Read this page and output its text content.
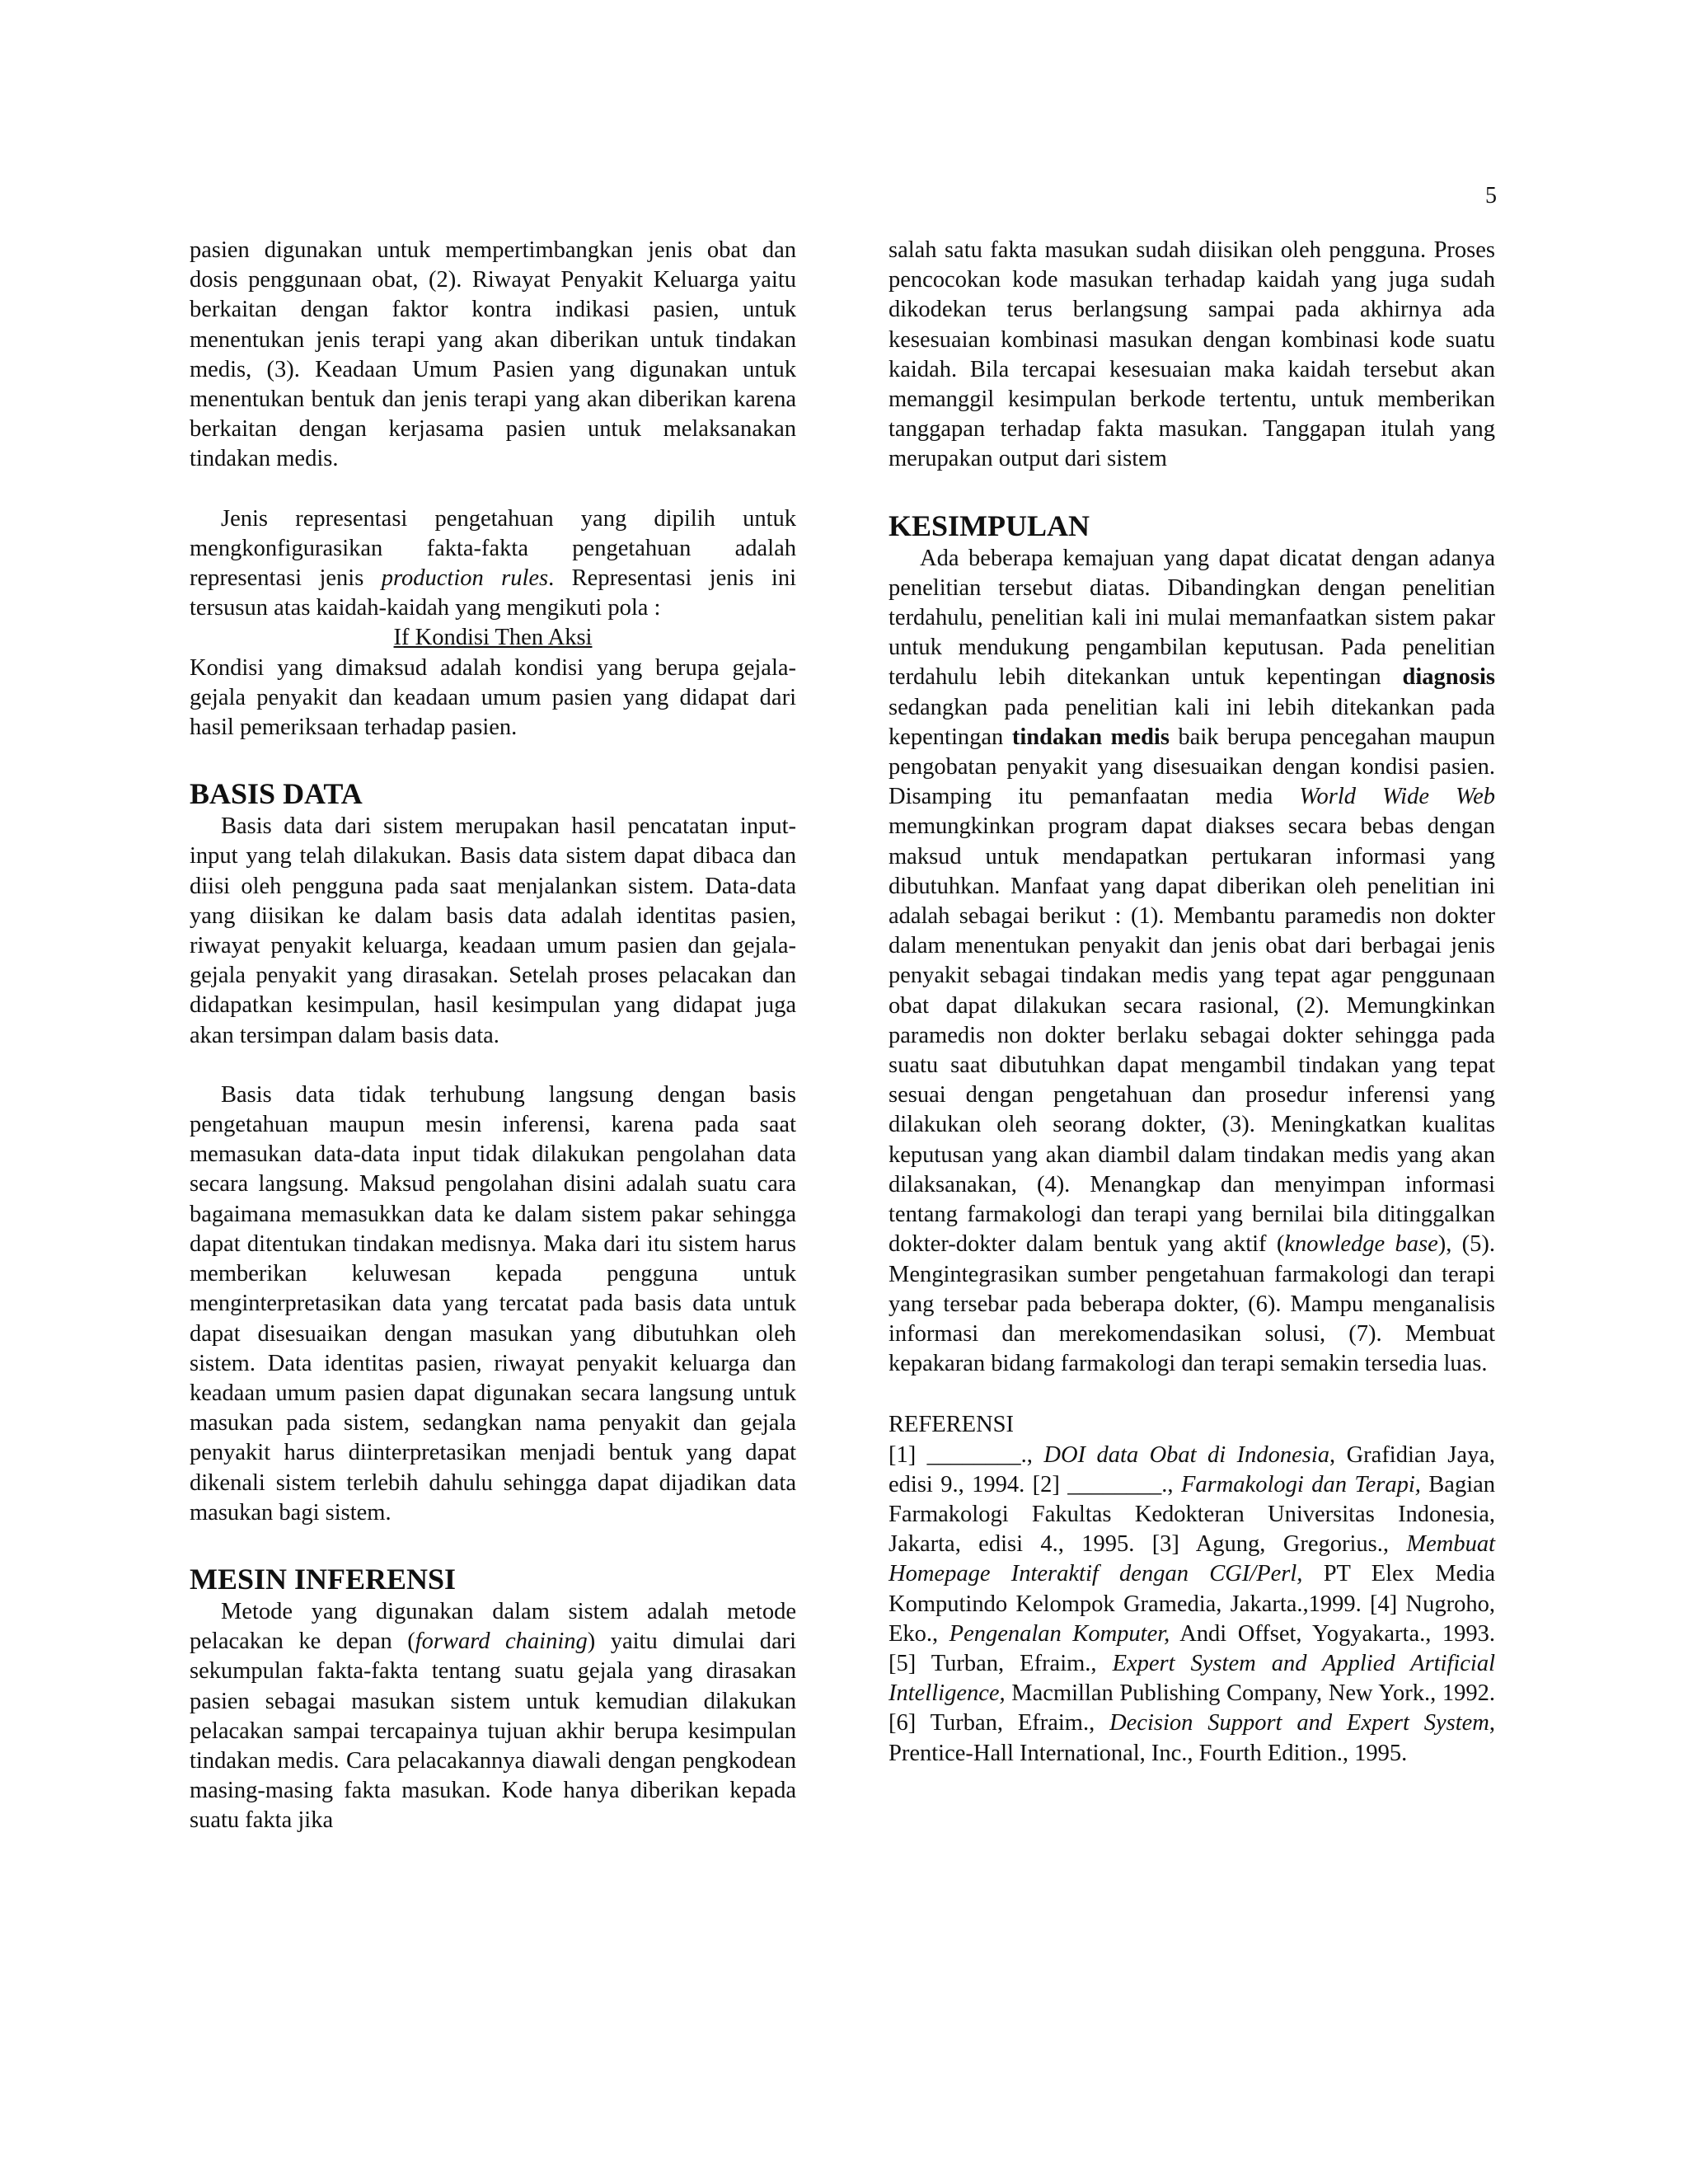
5

pasien digunakan untuk mempertimbangkan jenis obat dan dosis penggunaan obat, (2). Riwayat Penyakit Keluarga yaitu berkaitan dengan faktor kontra indikasi pasien, untuk menentukan jenis terapi yang akan diberikan untuk tindakan medis, (3). Keadaan Umum Pasien yang digunakan untuk menentukan bentuk dan jenis terapi yang akan diberikan karena berkaitan dengan kerjasama pasien untuk melaksanakan tindakan medis.

Jenis representasi pengetahuan yang dipilih untuk mengkonfigurasikan fakta-fakta pengetahuan adalah representasi jenis production rules. Representasi jenis ini tersusun atas kaidah-kaidah yang mengikuti pola :

If Kondisi Then Aksi

Kondisi yang dimaksud adalah kondisi yang berupa gejala-gejala penyakit dan keadaan umum pasien yang didapat dari hasil pemeriksaan terhadap pasien.

BASIS DATA

Basis data dari sistem merupakan hasil pencatatan input-input yang telah dilakukan. Basis data sistem dapat dibaca dan diisi oleh pengguna pada saat menjalankan sistem. Data-data yang diisikan ke dalam basis data adalah identitas pasien, riwayat penyakit keluarga, keadaan umum pasien dan gejala-gejala penyakit yang dirasakan. Setelah proses pelacakan dan didapatkan kesimpulan, hasil kesimpulan yang didapat juga akan tersimpan dalam basis data.

Basis data tidak terhubung langsung dengan basis pengetahuan maupun mesin inferensi, karena pada saat memasukan data-data input tidak dilakukan pengolahan data secara langsung. Maksud pengolahan disini adalah suatu cara bagaimana memasukkan data ke dalam sistem pakar sehingga dapat ditentukan tindakan medisnya. Maka dari itu sistem harus memberikan keluwesan kepada pengguna untuk menginterpretasikan data yang tercatat pada basis data untuk dapat disesuaikan dengan masukan yang dibutuhkan oleh sistem. Data identitas pasien, riwayat penyakit keluarga dan keadaan umum pasien dapat digunakan secara langsung untuk masukan pada sistem, sedangkan nama penyakit dan gejala penyakit harus diinterpretasikan menjadi bentuk yang dapat dikenali sistem terlebih dahulu sehingga dapat dijadikan data masukan bagi sistem.

MESIN INFERENSI

Metode yang digunakan dalam sistem adalah metode pelacakan ke depan (forward chaining) yaitu dimulai dari sekumpulan fakta-fakta tentang suatu gejala yang dirasakan pasien sebagai masukan sistem untuk kemudian dilakukan pelacakan sampai tercapainya tujuan akhir berupa kesimpulan tindakan medis. Cara pelacakannya diawali dengan pengkodean masing-masing fakta masukan. Kode hanya diberikan kepada suatu fakta jika

salah satu fakta masukan sudah diisikan oleh pengguna. Proses pencocokan kode masukan terhadap kaidah yang juga sudah dikodekan terus berlangsung sampai pada akhirnya ada kesesuaian kombinasi masukan dengan kombinasi kode suatu kaidah. Bila tercapai kesesuaian maka kaidah tersebut akan memanggil kesimpulan berkode tertentu, untuk memberikan tanggapan terhadap fakta masukan. Tanggapan itulah yang merupakan output dari sistem

KESIMPULAN

Ada beberapa kemajuan yang dapat dicatat dengan adanya penelitian tersebut diatas. Dibandingkan dengan penelitian terdahulu, penelitian kali ini mulai memanfaatkan sistem pakar untuk mendukung pengambilan keputusan. Pada penelitian terdahulu lebih ditekankan untuk kepentingan diagnosis sedangkan pada penelitian kali ini lebih ditekankan pada kepentingan tindakan medis baik berupa pencegahan maupun pengobatan penyakit yang disesuaikan dengan kondisi pasien. Disamping itu pemanfaatan media World Wide Web memungkinkan program dapat diakses secara bebas dengan maksud untuk mendapatkan pertukaran informasi yang dibutuhkan. Manfaat yang dapat diberikan oleh penelitian ini adalah sebagai berikut : (1). Membantu paramedis non dokter dalam menentukan penyakit dan jenis obat dari berbagai jenis penyakit sebagai tindakan medis yang tepat agar penggunaan obat dapat dilakukan secara rasional, (2). Memungkinkan paramedis non dokter berlaku sebagai dokter sehingga pada suatu saat dibutuhkan dapat mengambil tindakan yang tepat sesuai dengan pengetahuan dan prosedur inferensi yang dilakukan oleh seorang dokter, (3). Meningkatkan kualitas keputusan yang akan diambil dalam tindakan medis yang akan dilaksanakan, (4). Menangkap dan menyimpan informasi tentang farmakologi dan terapi yang bernilai bila ditinggalkan dokter-dokter dalam bentuk yang aktif (knowledge base), (5). Mengintegrasikan sumber pengetahuan farmakologi dan terapi yang tersebar pada beberapa dokter, (6). Mampu menganalisis informasi dan merekomendasikan solusi, (7). Membuat kepakaran bidang farmakologi dan terapi semakin tersedia luas.

REFERENSI

[1] ________., DOI data Obat di Indonesia, Grafidian Jaya, edisi 9., 1994. [2] ________., Farmakologi dan Terapi, Bagian Farmakologi Fakultas Kedokteran Universitas Indonesia, Jakarta, edisi 4., 1995. [3] Agung, Gregorius., Membuat Homepage Interaktif dengan CGI/Perl, PT Elex Media Komputindo Kelompok Gramedia, Jakarta.,1999. [4] Nugroho, Eko., Pengenalan Komputer, Andi Offset, Yogyakarta., 1993. [5] Turban, Efraim., Expert System and Applied Artificial Intelligence, Macmillan Publishing Company, New York., 1992. [6] Turban, Efraim., Decision Support and Expert System, Prentice-Hall International, Inc., Fourth Edition., 1995.
